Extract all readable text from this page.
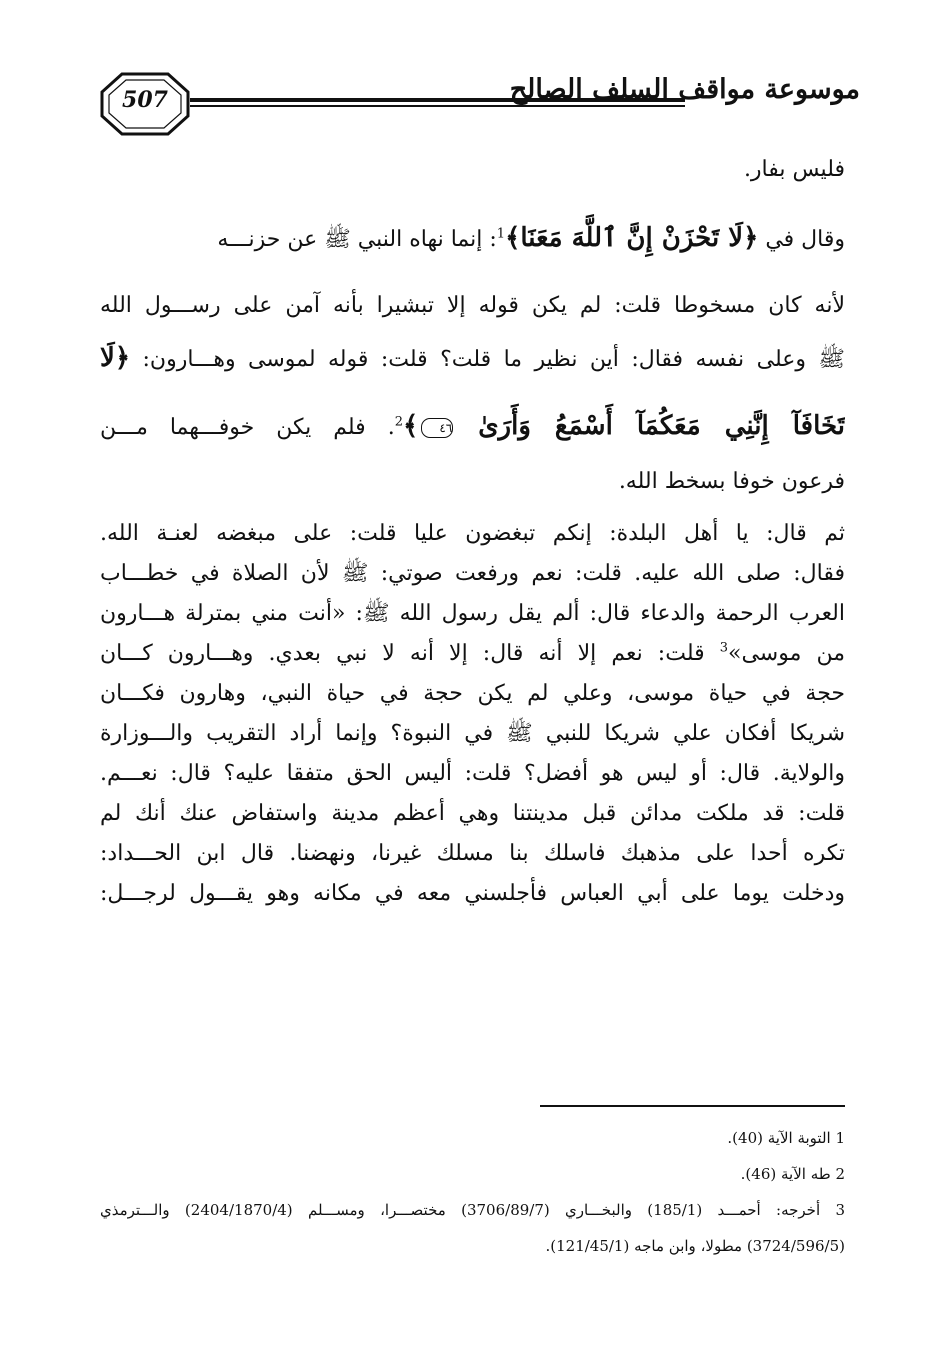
507	موسوعة مواقف السلف الصالح
فليس بفار.
وقال في ﴿لَا تَحْزَنْ إِنَّ ٱللَّهَ مَعَنَا﴾$^1$: إنما نهاه النبي ﷺ عن حزنـــه
لأنه كان مسخوطا قلت: لم يكن قوله إلا تبشيرا بأنه آمن على رســـول الله
ﷺ وعلى نفسه فقال: أين نظير ما قلت؟ قلت: قوله لموسى وهـــارون: ﴿لَا
تَخَافَآ إِنَّنِي مَعَكُمَآ أَسْمَعُ وَأَرَىٰ ٤٦﴾$^2$. فلم يكن خوفـــهما مـــن
فرعون خوفا بسخط الله.
ثم قال: يا أهل البلدة: إنكم تبغضون عليا قلت: على مبغضه لعنـة الله.
فقال: صلى الله عليه. قلت: نعم ورفعت صوتي: ﷺ لأن الصلاة في خطـــاب
العرب الرحمة والدعاء قال: ألم يقل رسول الله ﷺ: «أنت مني بمترلة هـــارون
من موسى»$^3$ قلت: نعم إلا أنه قال: إلا أنه لا نبي بعدي. وهـــارون كـــان
حجة في حياة موسى، وعلي لم يكن حجة في حياة النبي، وهارون فكـــان
شريكا أفكان علي شريكا للنبي ﷺ في النبوة؟ وإنما أراد التقريب والـــوزارة
والولاية. قال: أو ليس هو أفضل؟ قلت: أليس الحق متفقا عليه؟ قال: نعـــم.
قلت: قد ملكت مدائن قبل مدينتنا وهي أعظم مدينة واستفاض عنك أنك لم
تكره أحدا على مذهبك فاسلك بنا مسلك غيرنا، ونهضنا. قال ابن الحـــداد:
ودخلت يوما على أبي العباس فأجلسني معه في مكانه وهو يقـــول لرجـــل:
1 التوبة الآية (40).
2 طه الآية (46).
3 أخرجه: أحمـــد (185/1) والبخـــاري (3706/89/7) مختصـــرا، ومســـلم (2404/1870/4) والـــترمذي
(3724/596/5) مطولا، وابن ماجه (121/45/1).
